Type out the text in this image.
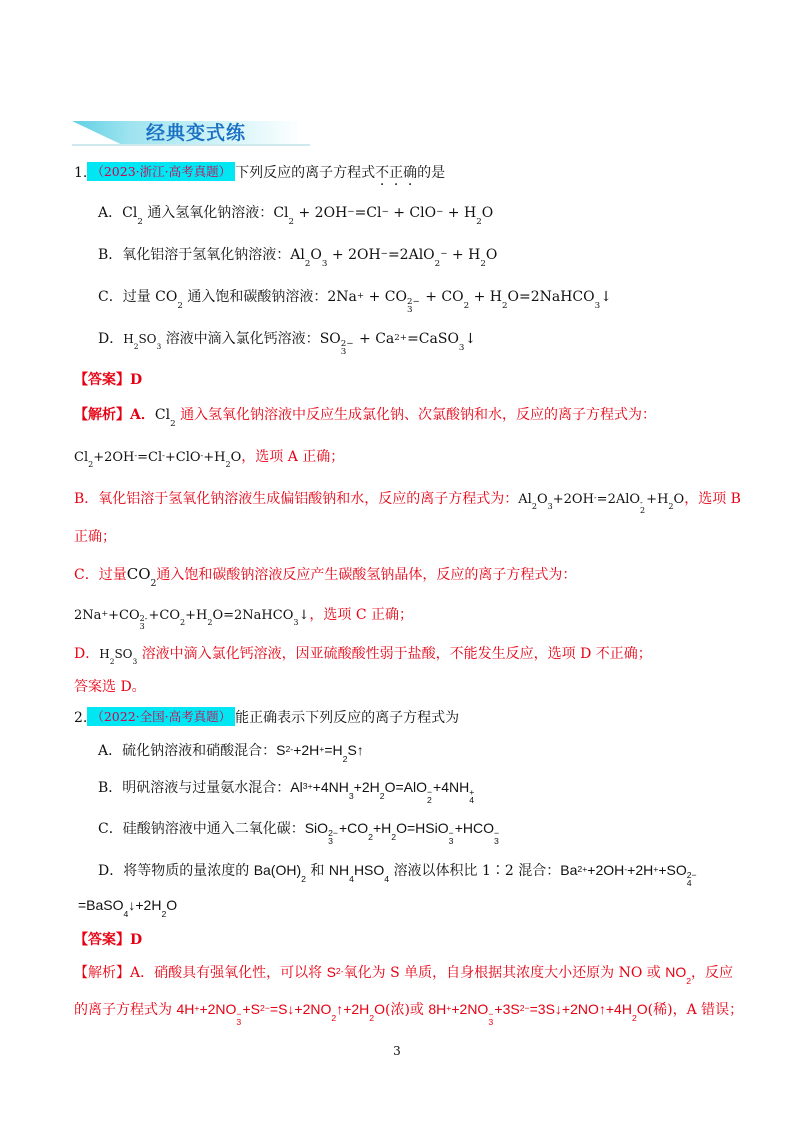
经典变式练
1. （2023·浙江·高考真题） 下列反应的离子方程式不正确的是
A．$Cl_2$ 通入氢氧化钠溶液：$Cl_2 + 2OH^-=Cl^- + ClO^- + H_2O$
B．氧化铝溶于氢氧化钠溶液：$Al_2O_3 + 2OH^-=2AlO_2^- + H_2O$
C．过量 $CO_2$ 通入饱和碳酸钠溶液：2Na+ + CO 2−
3
+ $CO_2$ + $H_2O=2NaHCO_3↓$
D．$H_2SO_3$ 溶液中滴入氯化钙溶液：SO 2−
3
+ $Ca^{2+}=CaSO_3↓$
【答案】D
【解析】A．$Cl_2$ 通入氢氧化钠溶液中反应生成氯化钠、次氯酸钠和水，反应的离子方程式为：
$Cl_2+2OH^-=Cl^-+ClO^-+H_2O$，选项 A 正确；
B．氧化铝溶于氢氧化钠溶液生成偏铝酸钠和水，反应的离子方程式为：$Al_2O_3+2OH^-=2AlO$ -
2
$+H_2O$，选项 B
正确；
C．过量$CO_2$通入饱和碳酸钠溶液反应产生碳酸氢钠晶体，反应的离子方程式为：
2Na++CO 2-
3
$+CO_2+H_2O=2NaHCO_3↓$，选项 C 正确；
D．$H_2SO_3$ 溶液中滴入氯化钙溶液，因亚硫酸酸性弱于盐酸，不能发生反应，选项 D 不正确；
答案选 D。
2. （2022·全国·高考真题） 能正确表示下列反应的离子方程式为
A．硫化钠溶液和硝酸混合：$S^{2-}+2H^+=H_2S↑$
B．明矾溶液与过量氨水混合：$Al^{3+}+4NH_3+2H_2O=AlO$ −
2
+4NH +
4
C．硅酸钠溶液中通入二氧化碳：SiO 2−
3
$+CO_2+H_2O=HSiO$ −
3
+HCO −
3
D．将等物质的量浓度的 $Ba(OH)_2$ 和 $NH_4HSO_4$ 溶液以体积比 1∶2 混合：$Ba^{2+}+2OH^-+2H^++SO$ 2−
4
$=BaSO_4↓+2H_2O$
【答案】D
【解析】A．硝酸具有强氧化性，可以将 $S^{2-}$氧化为 S 单质，自身根据其浓度大小还原为 NO 或 $NO_2$，反应
的离子方程式为 4H++2NO −
3
$+S^{2-}=S↓+2NO_2↑+2H_2O$(浓)或 8H++2NO −
3
$+3S^{2-}=3S↓+2NO↑+4H_2O$(稀)，A 错误；
3
